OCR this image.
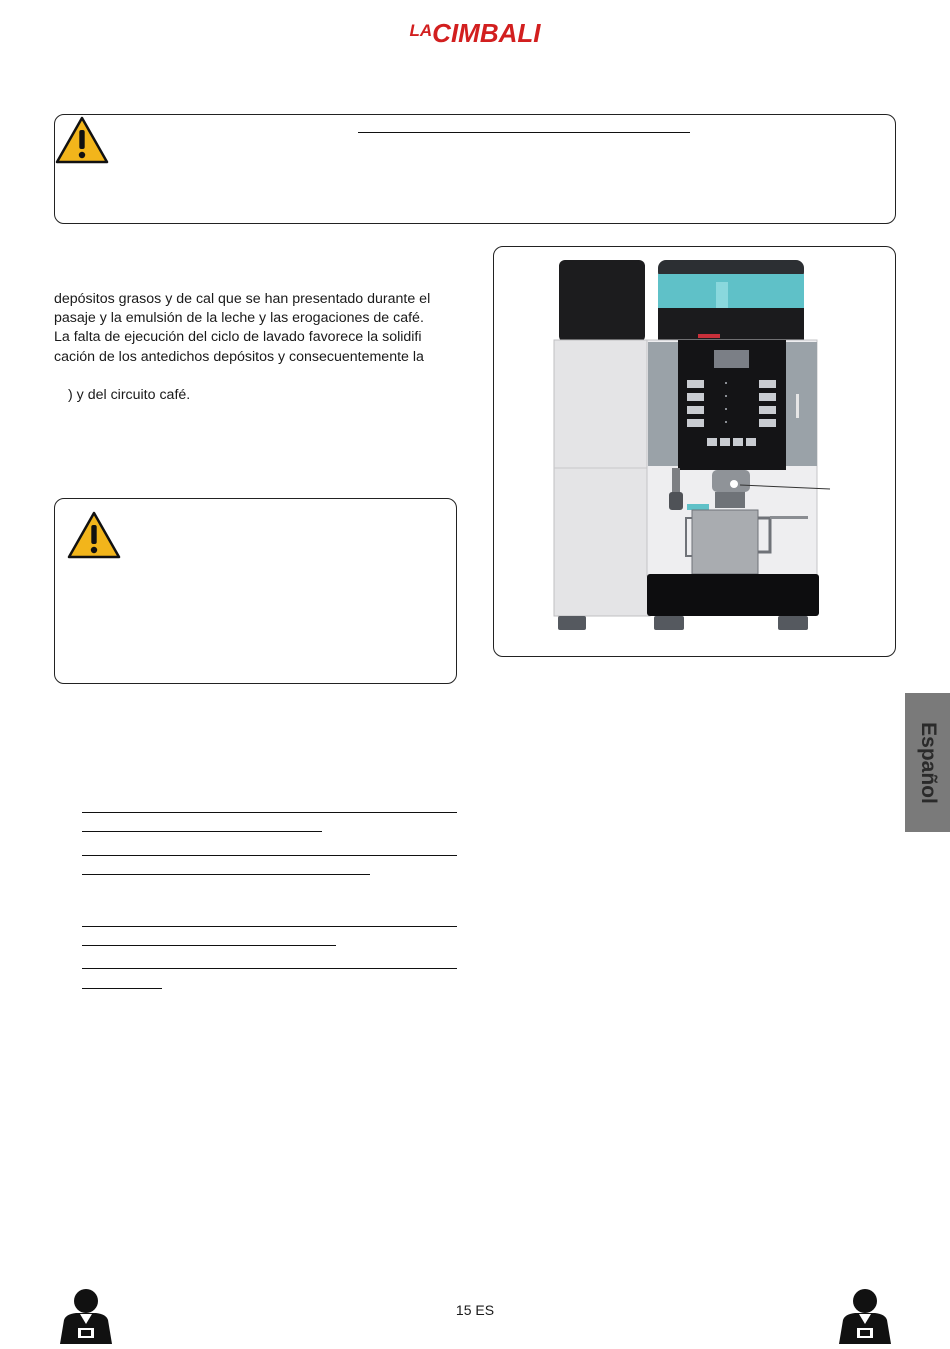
LACIMBALI
depósitos grasos y de cal que se han presentado durante el
pasaje y la emulsión de la leche y las erogaciones de café.
La falta de ejecución del ciclo de lavado favorece la solidifi
cación de los antedichos depósitos y consecuentemente la
) y del circuito café.
Español
15 ES
